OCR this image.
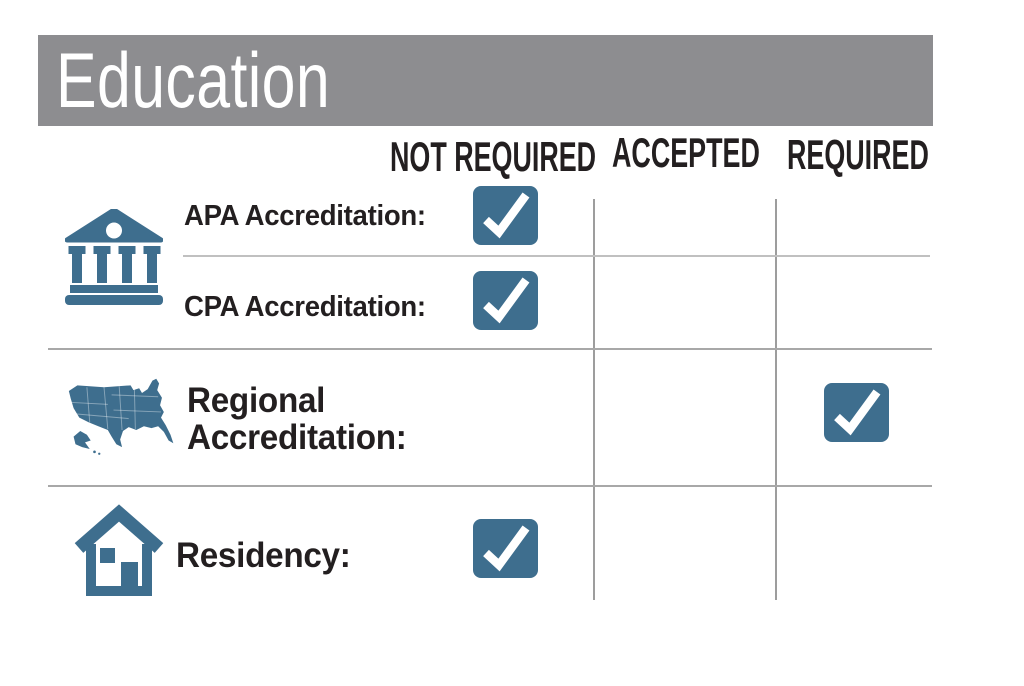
Education
NOT REQUIRED ACCEPTED REQUIRED
APA Accreditation:
CPA Accreditation:
Regional Accreditation:
Residency:
